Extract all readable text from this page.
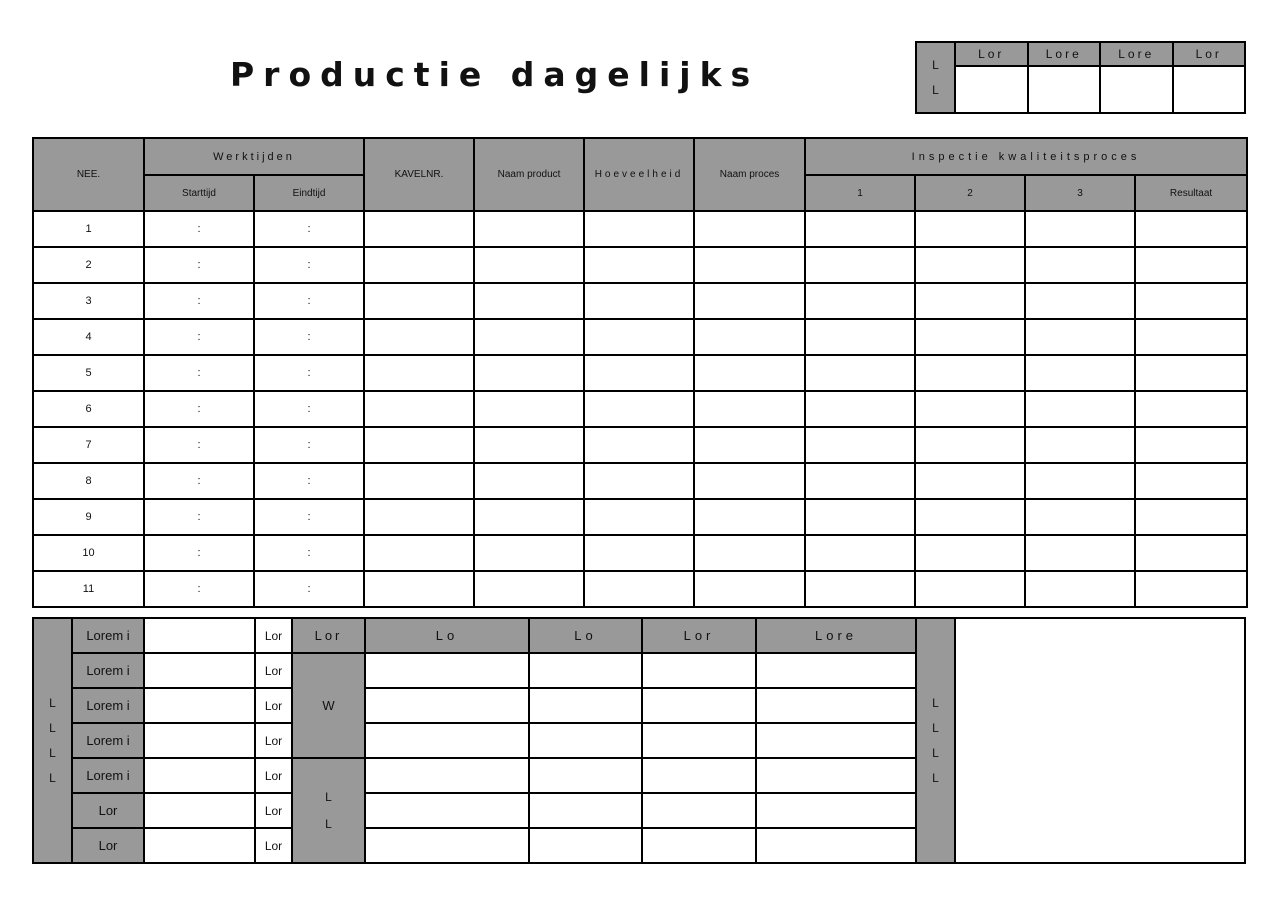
Productie dagelijks	L
L	Lor	Lore	Lore	Lor

NEE.	Werktijden		KAVELNR.	Naam product	Hoeveelheid	Naam proces	Inspectie kwaliteitsproces			
	Starttijd	Eindtijd					1	2	3	Resultaat
1	:	:								
2	:	:								
3	:	:								
4	:	:								
5	:	:								
6	:	:								
7	:	:								
8	:	:								
9	:	:								
10	:	:								
11	:	:								
L
L
L
L	Lorem i		Lor	Lor	Lo	Lo	Lor	Lore	L
L
L
L	
	Lorem i		Lor	W						
	Lorem i		Lor							
	Lorem i		Lor							
	Lorem i		Lor	L
L						
	Lor		Lor							
	Lor		Lor							
